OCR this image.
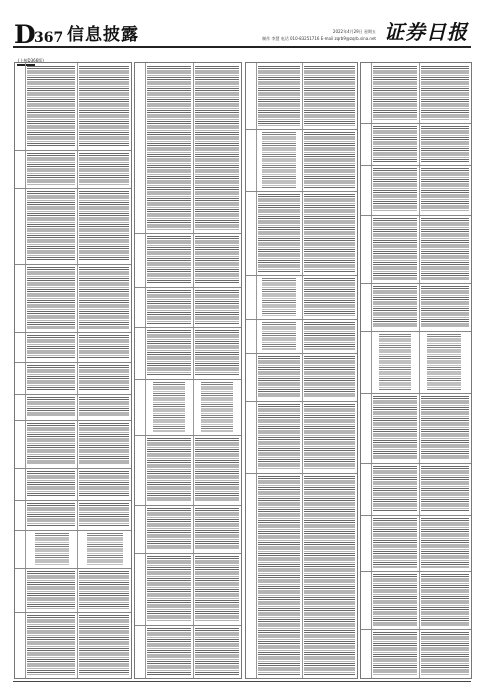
D
367 信息披露	2022年4月29日 星期五
制作 李慧 电话 010-83251716 E-mail zqrb9@zqrb.sina.net 证券日报
(上接D366版)
